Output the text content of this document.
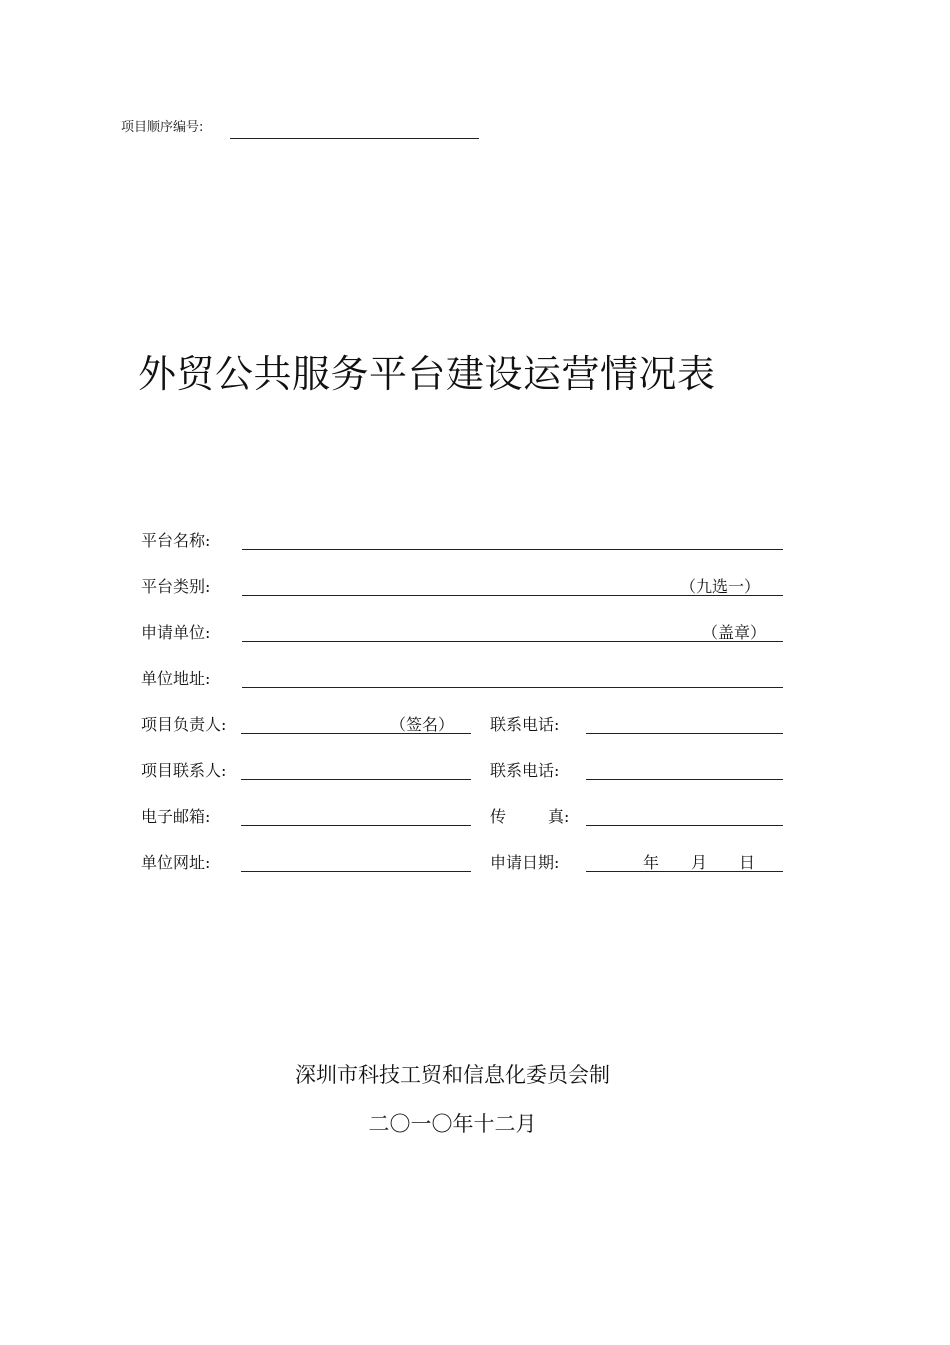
项目顺序编号:
外贸公共服务平台建设运营情况表
平台名称:
平台类别:	（九选一）
申请单位:	（盖章）
单位地址:
项目负责人:	（签名） 联系电话:
项目联系人:	联系电话:
电子邮箱:	传	真:
单位网址:	申请日期:	年 月 日
深圳市科技工贸和信息化委员会制
二〇一〇年十二月
